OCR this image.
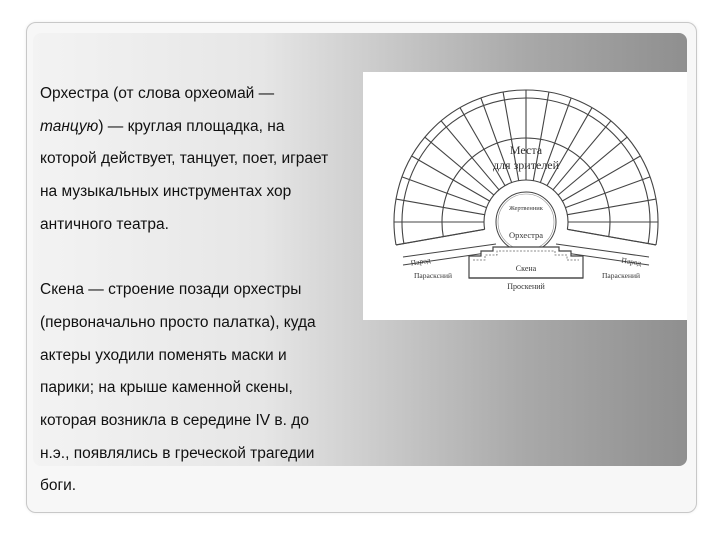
Орхестра (от слова орхеомай —

танцую) — круглая площадка, на

которой действует, танцует, поет, играет

на музыкальных инструментах хор

античного театра.

Скена — строение позади орхестры

(первоначально просто палатка), куда

актеры уходили поменять маски и

парики; на крыше каменной скены,

которая возникла в середине IV в. до

н.э., появлялись в греческой трагедии

боги.

Места
для зрителей
Жертвенник
Орхестра
Скена
Проскений
Парод	Парод
Парасксний	Параскений
